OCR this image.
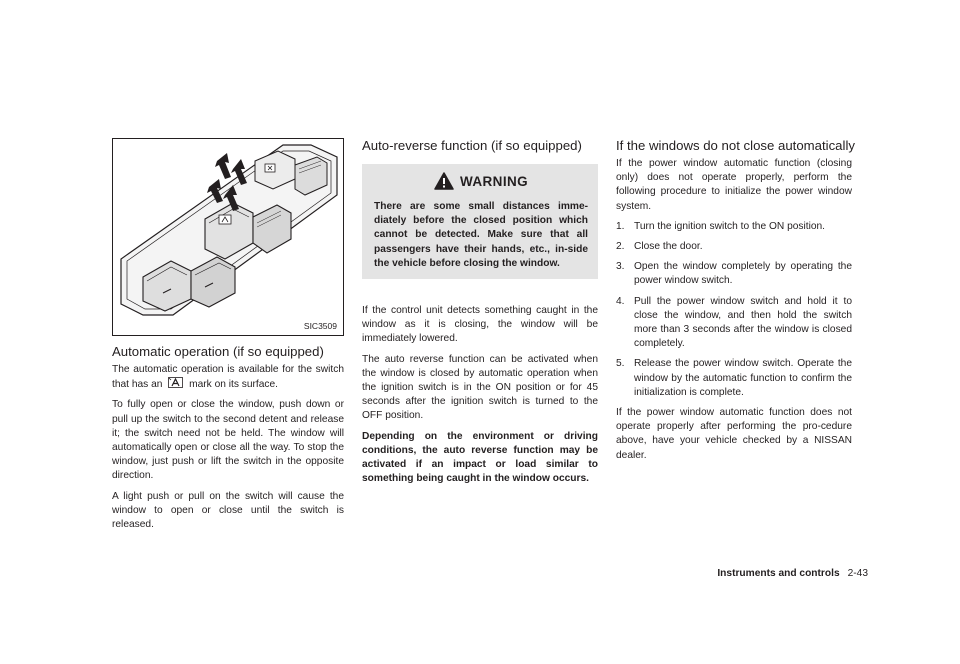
SIC3509
Automatic operation (if so equipped)

The automatic operation is available for the switch that has an	mark on its surface.

To fully open or close the window, push down or pull up the switch to the second detent and release it; the switch need not be held. The window will automatically open or close all the way. To stop the window, just push or lift the switch in the opposite direction.

A light push or pull on the switch will cause the window to open or close until the switch is released.

Auto-reverse function (if so equipped)
WARNING
There are some small distances imme-diately before the closed position which cannot be detected. Make sure that all passengers have their hands, etc., in-side the vehicle before closing the window.

If the control unit detects something caught in the window as it is closing, the window will be immediately lowered.

The auto reverse function can be activated when the window is closed by automatic operation when the ignition switch is in the ON position or for 45 seconds after the ignition switch is turned to the OFF position.

Depending on the environment or driving conditions, the auto reverse function may be activated if an impact or load similar to something being caught in the window occurs.

If the windows do not close automatically

If the power window automatic function (closing only) does not operate properly, perform the following procedure to initialize the power window system.

1. Turn the ignition switch to the ON position.
2. Close the door.
3. Open the window completely by operating the power window switch.
4. Pull the power window switch and hold it to close the window, and then hold the switch more than 3 seconds after the window is closed completely.
5. Release the power window switch. Operate the window by the automatic function to confirm the initialization is complete.

If the power window automatic function does not operate properly after performing the pro-cedure above, have your vehicle checked by a NISSAN dealer.

Instruments and controls 2-43
